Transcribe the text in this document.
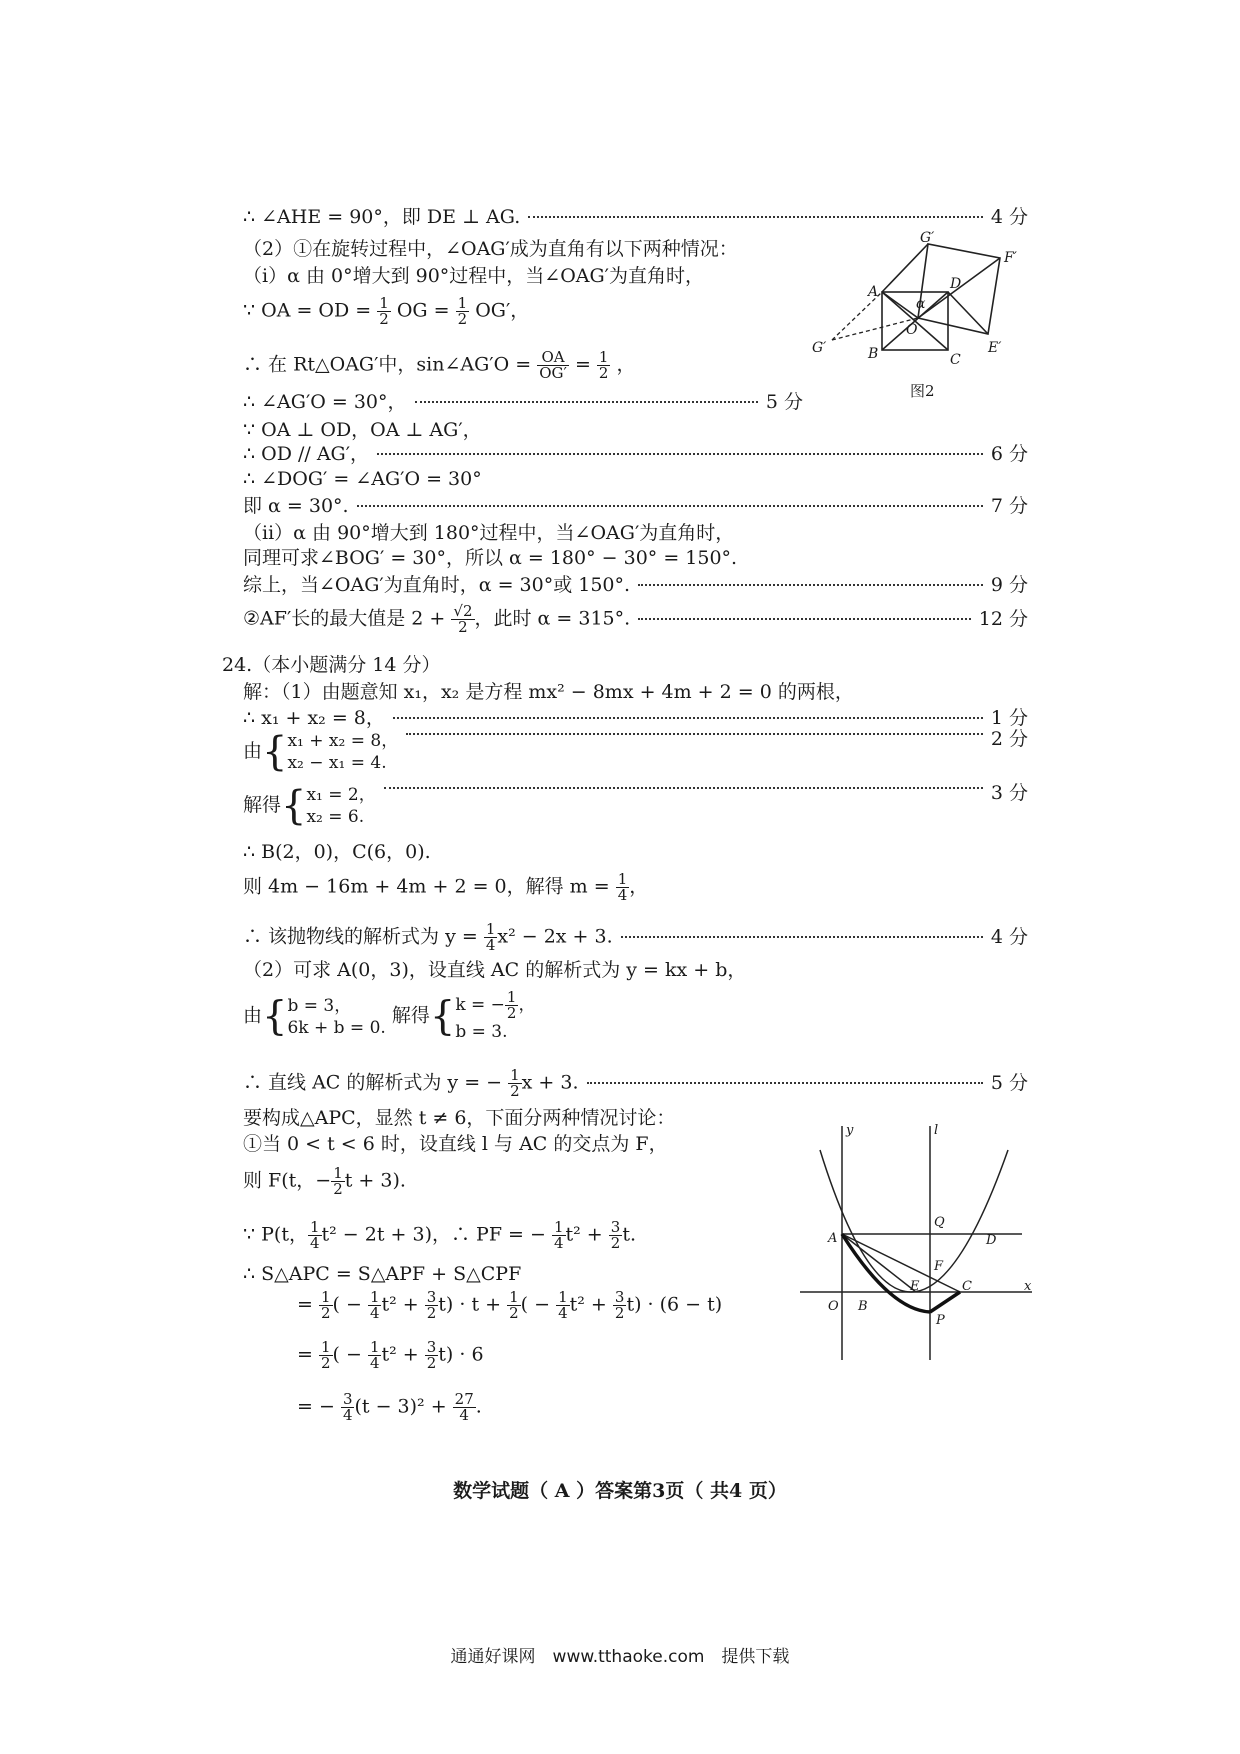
∴ ∠AHE = 90°，即 DE ⊥ AG.	4 分
（2）①在旋转过程中，∠OAG′成为直角有以下两种情况：
（ⅰ）α 由 0°增大到 90°过程中，当∠OAG′为直角时，
∵ OA = OD = $\frac{1}{2}$ OG = $\frac{1}{2} OG'$，
∴ 在 Rt△OAG′中，sin∠AG′O = $\frac{OA}{OG'} = \frac{1}{2}$ ，
∴ ∠AG′O = 30°，	5 分
∵ OA ⊥ OD，OA ⊥ AG′，
∴ OD // AG′，	6 分
∴ ∠DOG′ = ∠AG′O = 30°
即 α = 30°.	7 分
（ⅱ）α 由 90°增大到 180°过程中，当∠OAG′为直角时，
同理可求∠BOG′ = 30°，所以 α = 180° − 30° = 150°.
综上，当∠OAG′为直角时，α = 30°或 150°.	9 分
②AF′长的最大值是 $2 + \frac{√2}{2}$ ，此时 α = 315°.	12 分
G′
F′
A	D
α
O
G′	B	C
E′
图2
24.（本小题满分 14 分）
解：（1）由题意知 x₁，x₂ 是方程 mx² − 8mx + 4m + 2 = 0 的两根，
∴ x₁ + x₂ = 8，	1 分
由{x₁ + x₂ = 8，
x₂ − x₁ = 4.
2 分
解得{x₁ = 2，
x₂ = 6.
3 分
∴ B(2，0)，C(6，0).
则 4m − 16m + 4m + 2 = 0，解得 $m = \frac{1}{4}$ ，
∴ 该抛物线的解析式为 $y = \frac{1}{4} x^2 - 2x + 3$.	4 分
（2）可求 A(0，3)，设直线 AC 的解析式为 y = kx + b，
由{b = 3，
6k + b = 0. 解得{k = − $\frac{1}{2}$ ，
b = 3.
∴ 直线 AC 的解析式为 y = − $\frac{1}{2}$ x + 3.	5 分
要构成△APC，显然 t ≠ 6，下面分两种情况讨论：
①当 0 < t < 6 时，设直线 l 与 AC 的交点为 F，
则 F(t，− $\frac{1}{2}$ t + 3).
∵ P(t， $\frac{1}{4} t^2 - 2t + 3$)，∴ PF = − $\frac{1}{4} t^2 + \frac{3}{2} t$.
∴ S△APC = S△APF + S△CPF
= $\frac{1}{2}$ ( − $\frac{1}{4} t^2 + \frac{3}{2} t) \cdot t + \frac{1}{2}$ ( − $\frac{1}{4} t^2 + \frac{3}{2} t) \cdot (6 - t)$
= $\frac{1}{2}$ ( − $\frac{1}{4} t^2 + \frac{3}{2} t) \cdot 6$
= − $\frac{3}{4} (t - 3)^2 + \frac{27}{4}$ .
y	l
Q
A	D
F
O B
E	C	x
P
数学试题（ A ）答案第3页（ 共4 页）
通通好课网　www.tthaoke.com　提供下载
